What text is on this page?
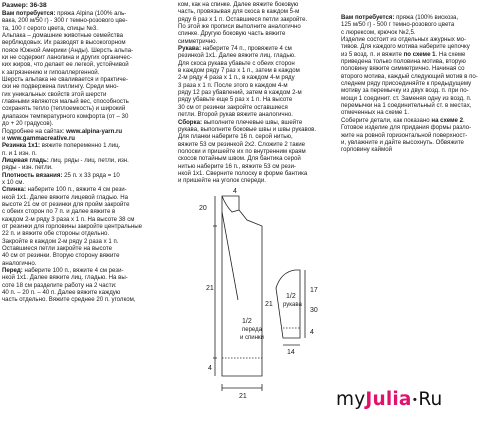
Размер: 36-38

Вам потребуется: пряжа Alpina (100% аль-

вака, 200 м/50 г) - 300 г темно-розового цве-

та, 100 г серого цвета, спицы №3.

Альпака – домашние животные семейства

верблюдовых. Их разводят в высокогорном

поясе Южной Америки (Анды). Шерсть альпа-

ки не содержит ланолина и других органичес-

ких жиров, что делает ее легкой, устойчивой

к загрязнению и гипоаллергенной.

Шерсть альпака не сваливается и практиче-

ски не подвержена пиллингу. Среди мно-

гих уникальных свойств этой шерсти

главными являются малый вес, способность

сохранять тепло (теплоемкость) и широкий

диапазон температурного комфорта (от – 30

до + 20 градусов).

Подробнее на сайтах: www.alpina-yarn.ru

и www.gammacreative.ru

Резинка 1х1: вяжите попеременно 1 лиц.

п. и 1 изн. п.

Лицевая гладь: лиц. ряды - лиц. петли, изн.

ряды - изн. петли.

Плотность вязания: 25 п. х 33 ряда = 10

х 10 см.

Спинка: наберите 100 п., вяжите 4 см рези-

нкой 1х1. Далее вяжите лицевой гладью. На

высоте 21 см от резинки для пройм закройте

с обеих сторон по 7 п. и далее вяжите в

каждом 2-м ряду 3 раза х 1 п. На высоте 38 см

от резинки для горловины закройте центральные

22 п. и вяжите обе стороны отдельно.

Закройте в каждом 2-м ряду 2 раза х 1 п.

Оставшиеся петли закройте на высоте

40 см от резинки. Вторую сторону вяжите

аналогично.

Перед: наберите 100 п., вяжите 4 см рези-

нкой 1х1. Далее вяжите лиц. гладью. На вы-

соте 18 см разделите работу на 2 части:

40 п. – 20 п. – 40 п. Далее вяжите каждую

часть отдельно. Вяжите среднее 20 п. уголком,

ком, как на спинке. Далее вяжите боковую

часть, провязывая для скоса в каждом 5-м

ряду 6 раз х 1 п. Оставшиеся петли закройте.

По этой же прописи выполните аналогично

спинке. Другую боковую часть вяжите

симметрично.

Рукава: наберите 74 п., провяжите 4 см

резинкой 1х1. Далее вяжите лиц. гладью.

Для скоса рукава убавьте с обеих сторон

в каждом ряду 7 раз х 1 п., затем в каждом

2-м ряду 4 раза х 1 п., в каждом 4-м ряду

3 раза х 1 п. После этого в каждом 4-м

ряду 12 раз убавлений, затем в каждом 2-м

ряду убавьте еще 5 раз х 1 п. На высоте

30 см от резинки закройте оставшиеся

петли. Второй рукав вяжите аналогично.

Сборка: выполните плечевые швы, вшейте

рукава, выполните боковые швы и швы рукавов.

Для планки наберите 16 п. серой нитью,

вяжите 53 см резинкой 2х2. Сложите 2 такие

полоски и пришейте их по внутренним краям

скосов потайным швом. Для бантика серой

нитью наберите 16 п., вяжите 53 см рези-

нкой 1х1. Сверните полоску в форме бантика

и пришейте на уголок спереди.

Вам потребуется: пряжа (100% вискоза,

125 м/50 г) - 500 г темно-розового цвета

с люрексом, крючок №2,5.

Изделие состоит из отдельных ажурных мо-

тивов. Для каждого мотива наберите цепочку

из 5 возд. п. и вяжите по схеме 1. На схеме

приведена только половина мотива, вторую

половину вяжите симметрично. Начиная со

второго мотива, каждый следующий мотив в по-

следнем ряду присоединяйте к предыдущему

мотиву за перемычку из двух возд. п. при по-

мощи 1 соединит. ст. Заменяя одну из возд. п.

перемычки на 1 соединительный ст. в местах,

отмеченных на схеме 1.

Соберите детали, как показано на схеме 2.

Готовое изделие для придания формы разло-

жите на ровной горизонтальной поверхност-

и, увлажните и дайте высохнуть. Обвяжите

горловину каймой

4
20
21
4
1/2
переда
и спинки
21
21
1/2
рукава
17
30
4
14
myJulia•Ru
